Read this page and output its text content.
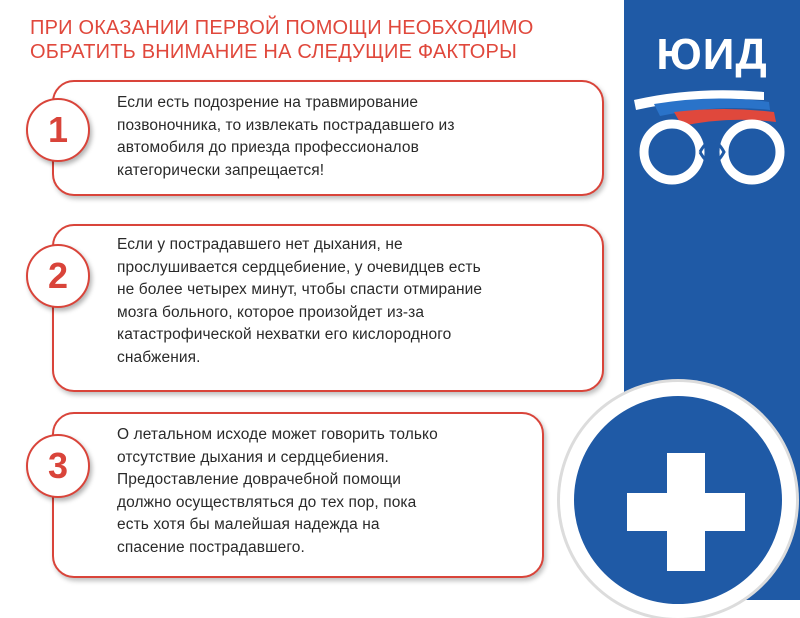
ПРИ ОКАЗАНИИ ПЕРВОЙ ПОМОЩИ НЕОБХОДИМО
ОБРАТИТЬ ВНИМАНИЕ НА СЛЕДУЩИЕ ФАКТОРЫ	ЮИД
Если есть подозрение на травмирование
позвоночника, то извлекать пострадавшего из
автомобиля до приезда профессионалов
категорически запрещается!
1
Если у пострадавшего нет дыхания, не
прослушивается сердцебиение, у очевидцев есть
не более четырех минут, чтобы спасти отмирание
мозга больного, которое произойдет из-за
катастрофической нехватки его кислородного
снабжения.
2
О летальном исходе может говорить только
отсутствие дыхания и сердцебиения.
Предоставление доврачебной помощи
должно осуществляться до тех пор, пока
есть хотя бы малейшая надежда на
спасение пострадавшего.
3
